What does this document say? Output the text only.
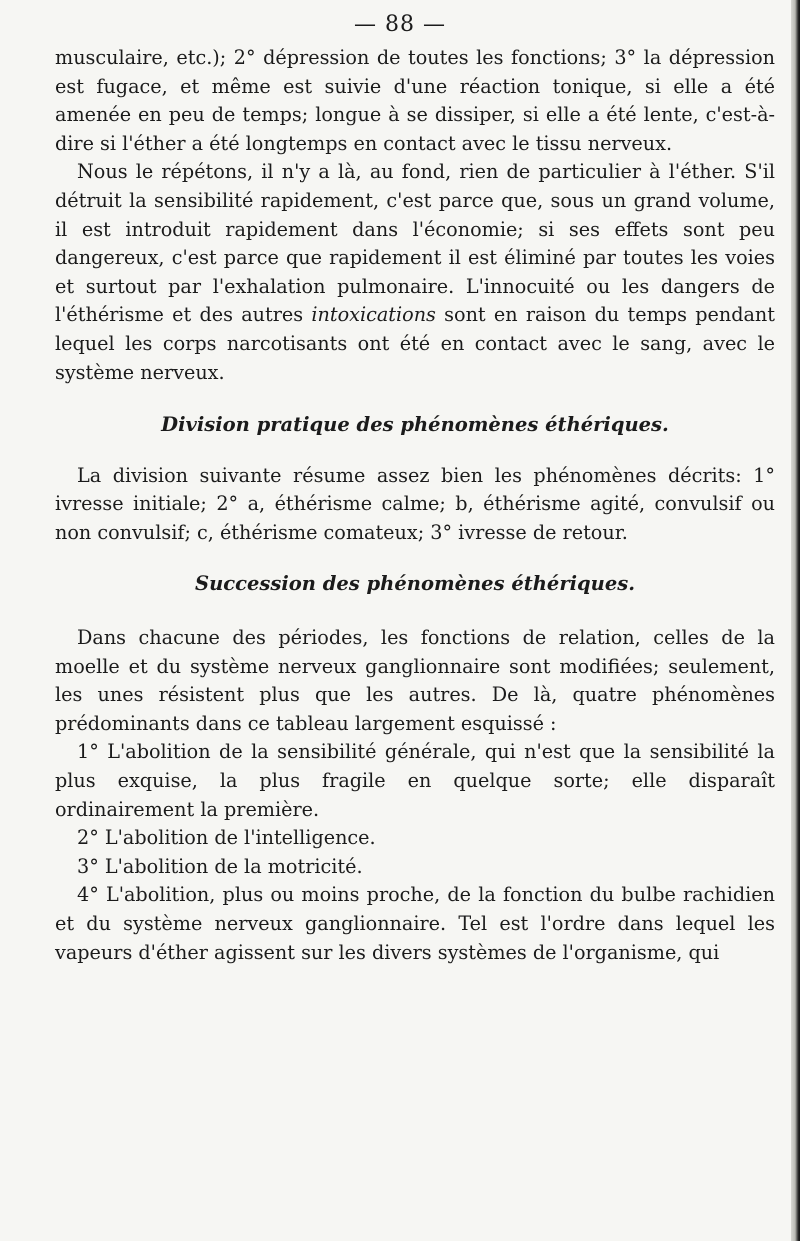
— 88 —

musculaire, etc.); 2° dépression de toutes les fonctions; 3° la dépression est fugace, et même est suivie d'une réaction tonique, si elle a été amenée en peu de temps; longue à se dissiper, si elle a été lente, c'est-à-dire si l'éther a été longtemps en contact avec le tissu nerveux.

Nous le répétons, il n'y a là, au fond, rien de particulier à l'éther. S'il détruit la sensibilité rapidement, c'est parce que, sous un grand volume, il est introduit rapidement dans l'économie; si ses effets sont peu dangereux, c'est parce que rapidement il est éliminé par toutes les voies et surtout par l'exhalation pulmonaire. L'innocuité ou les dangers de l'éthérisme et des autres intoxications sont en raison du temps pendant lequel les corps narcotisants ont été en contact avec le sang, avec le système nerveux.

Division pratique des phénomènes éthériques.

La division suivante résume assez bien les phénomènes décrits: 1° ivresse initiale; 2° a, éthérisme calme; b, éthérisme agité, convulsif ou non convulsif; c, éthérisme comateux; 3° ivresse de retour.

Succession des phénomènes éthériques.

Dans chacune des périodes, les fonctions de relation, celles de la moelle et du système nerveux ganglionnaire sont modifiées; seulement, les unes résistent plus que les autres. De là, quatre phénomènes prédominants dans ce tableau largement esquissé :

1° L'abolition de la sensibilité générale, qui n'est que la sensibilité la plus exquise, la plus fragile en quelque sorte; elle disparaît ordinairement la première.

2° L'abolition de l'intelligence.

3° L'abolition de la motricité.

4° L'abolition, plus ou moins proche, de la fonction du bulbe rachidien et du système nerveux ganglionnaire. Tel est l'ordre dans lequel les vapeurs d'éther agissent sur les divers systèmes de l'organisme, qui
